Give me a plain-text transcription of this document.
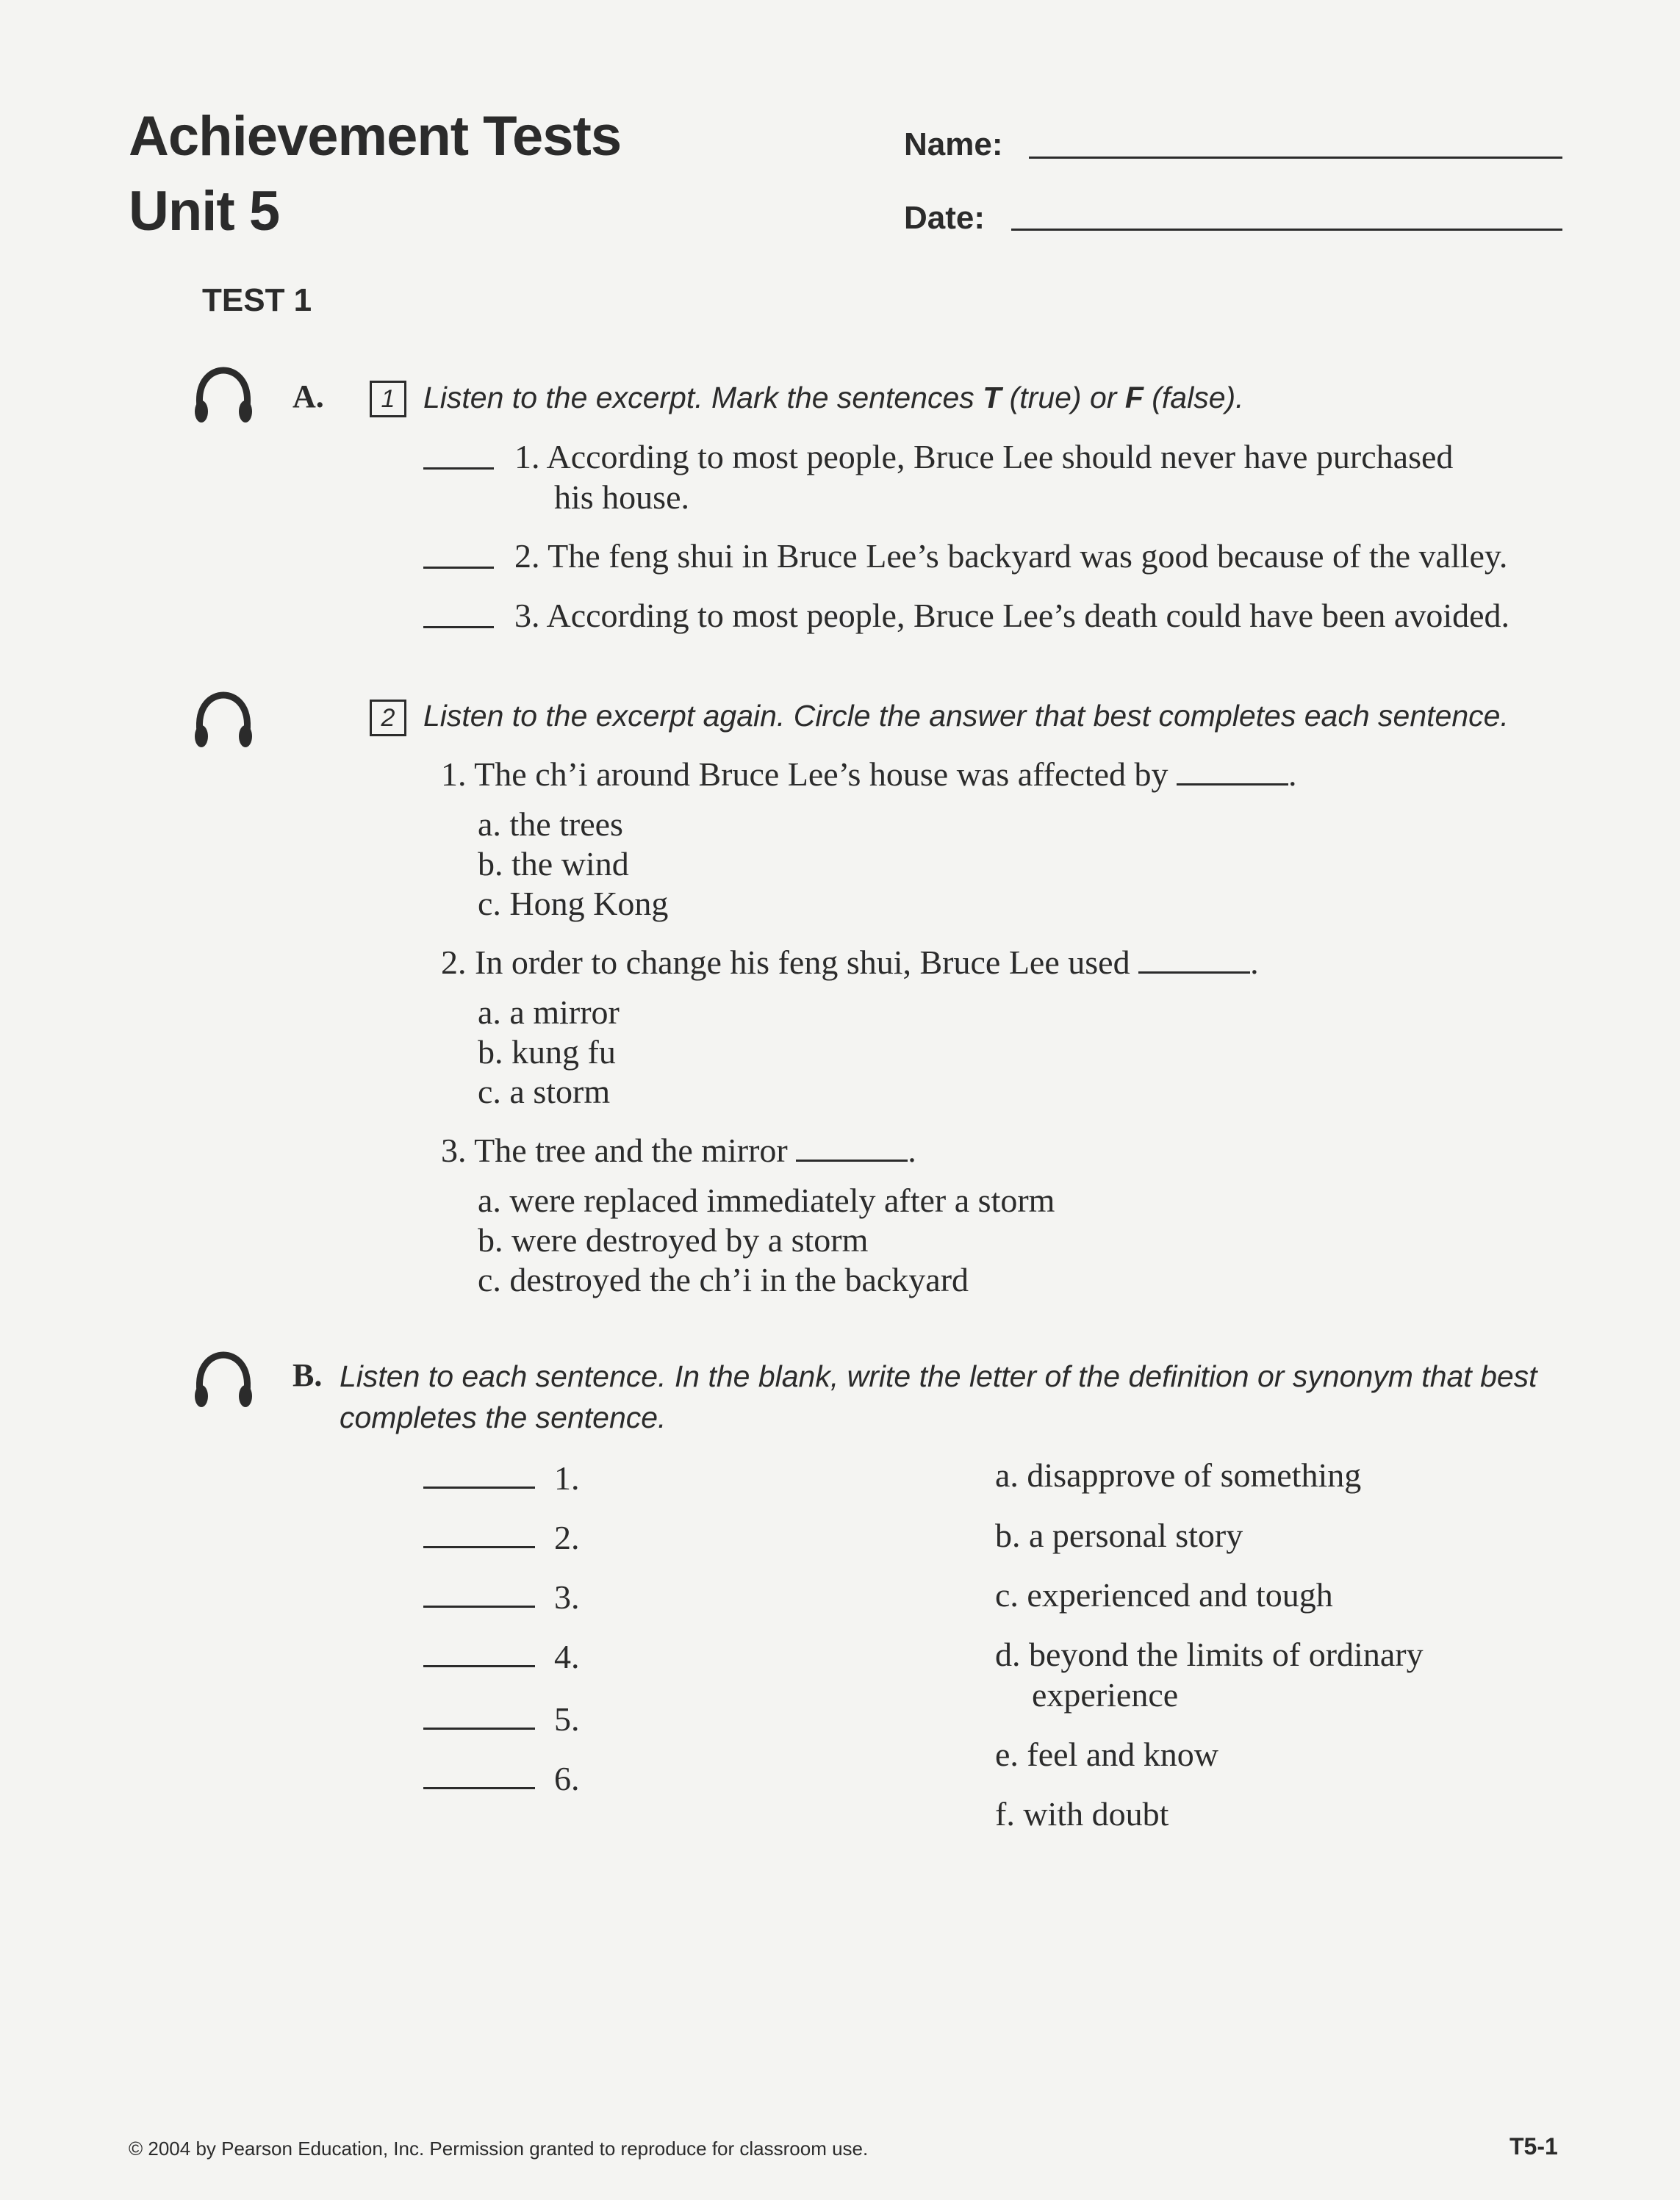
Achievement Tests
Unit 5
Name:
Date:
TEST 1
A.	1 Listen to the excerpt. Mark the sentences T (true) or F (false).
1. According to most people, Bruce Lee should never have purchased
his house.
2. The feng shui in Bruce Lee’s backyard was good because of the valley.
3. According to most people, Bruce Lee’s death could have been avoided.
2 Listen to the excerpt again. Circle the answer that best completes each sentence.
1. The ch’i around Bruce Lee’s house was affected by	.
a. the trees
b. the wind
c. Hong Kong
2. In order to change his feng shui, Bruce Lee used	.
a. a mirror
b. kung fu
c. a storm
3. The tree and the mirror	.
a. were replaced immediately after a storm
b. were destroyed by a storm
c. destroyed the ch’i in the backyard
B. Listen to each sentence. In the blank, write the letter of the definition or synonym that best
completes the sentence.
1.
2.
3.
4.
5.
6.
a. disapprove of something
b. a personal story
c. experienced and tough
d. beyond the limits of ordinary
experience
e. feel and know
f. with doubt
© 2004 by Pearson Education, Inc. Permission granted to reproduce for classroom use.	T5-1
